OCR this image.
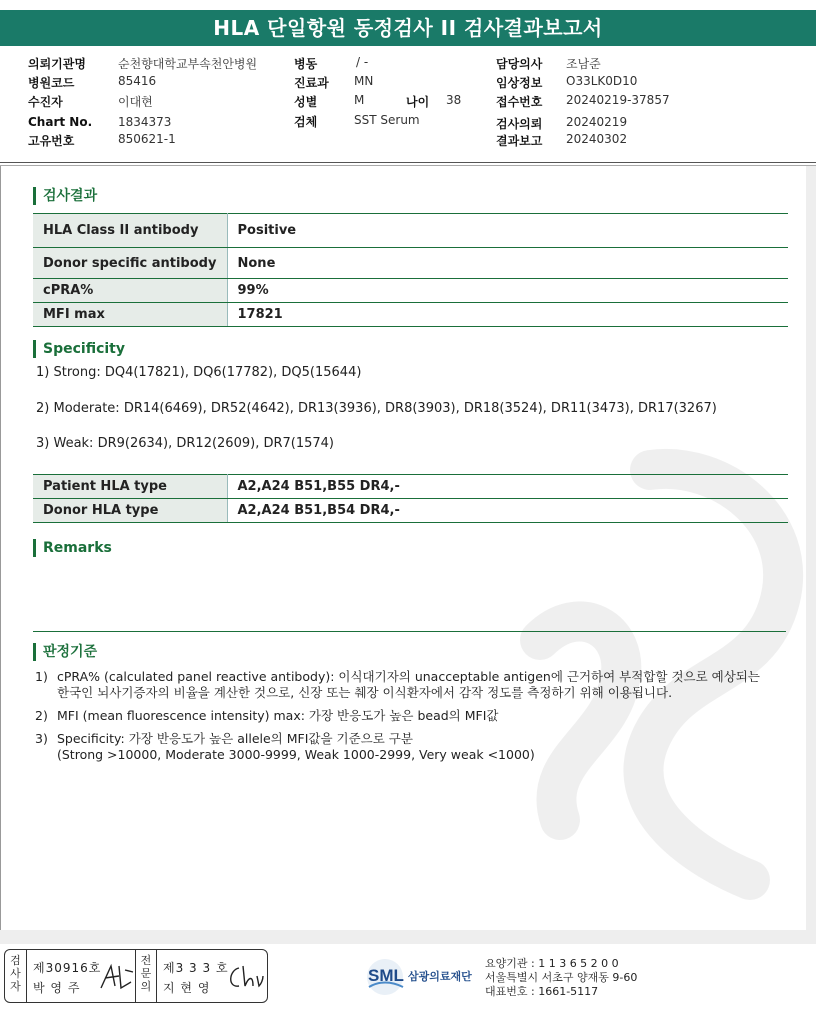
HLA 단일항원 동정검사 II 검사결과보고서
의뢰기관명	순천향대학교부속천안병원
병원코드	85416
수진자	이대현
Chart No. 1834373
고유번호	850621-1
병동	/ -
진료과 MN
성별	M	나이 38
검체	SST Serum
담당의사 조남준
임상정보 O33LK0D10
접수번호 20240219-37857
검사의뢰 20240219
결과보고 20240302
검사결과
HLA Class II antibody	Positive
Donor specific antibody	None
cPRA%	99%
MFI max	17821
Specificity
1) Strong: DQ4(17821), DQ6(17782), DQ5(15644)
2) Moderate: DR14(6469), DR52(4642), DR13(3936), DR8(3903), DR18(3524), DR11(3473), DR17(3267)
3) Weak: DR9(2634), DR12(2609), DR7(1574)
Patient HLA type	A2,A24 B51,B55 DR4,-
Donor HLA type	A2,A24 B51,B54 DR4,-
Remarks
판정기준
1) cPRA% (calculated panel reactive antibody): 이식대기자의 unacceptable antigen에 근거하여 부적합할 것으로 예상되는
한국인 뇌사기증자의 비율을 계산한 것으로, 신장 또는 췌장 이식환자에서 감작 정도를 측정하기 위해 이용됩니다.
2) MFI (mean fluorescence intensity) max: 가장 반응도가 높은 bead의 MFI값
3) Specificity: 가장 반응도가 높은 allele의 MFI값을 기준으로 구분
(Strong >10000, Moderate 3000-9999, Weak 1000-2999, Very weak <1000)
검
사
자
제30916호
박 영 주
전
문
의
제3 3 3 호
지 현 영
SML 삼광의료재단
요양기관 : 1 1 3 6 5 2 0 0
서울특별시 서초구 양재동 9-60
대표번호 : 1661-5117
